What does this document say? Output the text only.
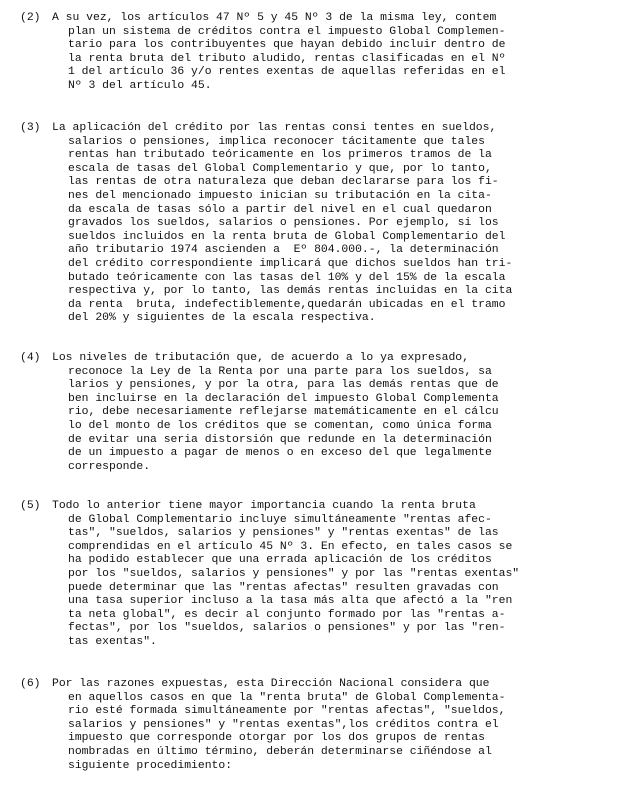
(2) A su vez, los artículos 47 Nº 5 y 45 Nº 3 de la misma ley, contem
plan un sistema de créditos contra el impuesto Global Complemen-
tario para los contribuyentes que hayan debido incluir dentro de
la renta bruta del tributo aludido, rentas clasificadas en el Nº
1 del artículo 36 y/o rentes exentas de aquellas referidas en el
Nº 3 del artículo 45.
(3) La aplicación del crédito por las rentas consi tentes en sueldos,
salarios o pensiones, implica reconocer tácitamente que tales
rentas han tributado teóricamente en los primeros tramos de la
escala de tasas del Global Complementario y que, por lo tanto,
las rentas de otra naturaleza que deban declararse para los fi-
nes del mencionado impuesto inician su tributación en la cita-
da escala de tasas sólo a partir del nivel en el cual quedaron
gravados los sueldos, salarios o pensiones. Por ejemplo, si los
sueldos incluidos en la renta bruta de Global Complementario del
año tributario 1974 ascienden a  Eº 804.000.-, la determinación
del crédito correspondiente implicará que dichos sueldos han tri-
butado teóricamente con las tasas del 10% y del 15% de la escala
respectiva y, por lo tanto, las demás rentas incluidas en la cita
da renta  bruta, indefectiblemente,quedarán ubicadas en el tramo
del 20% y siguientes de la escala respectiva.
(4) Los niveles de tributación que, de acuerdo a lo ya expresado,
reconoce la Ley de la Renta por una parte para los sueldos, sa
larios y pensiones, y por la otra, para las demás rentas que de
ben incluirse en la declaración del impuesto Global Complementa
rio, debe necesariamente reflejarse matemáticamente en el cálcu
lo del monto de los créditos que se comentan, como única forma
de evitar una seria distorsión que redunde en la determinación
de un impuesto a pagar de menos o en exceso del que legalmente
corresponde.
(5) Todo lo anterior tiene mayor importancia cuando la renta bruta
de Global Complementario incluye simultáneamente "rentas afec-
tas", "sueldos, salarios y pensiones" y "rentas exentas" de las
comprendidas en el artículo 45 Nº 3. En efecto, en tales casos se
ha podido establecer que una errada aplicación de los créditos
por los "sueldos, salarios y pensiones" y por las "rentas exentas"
puede determinar que las "rentas afectas" resulten gravadas con
una tasa superior incluso a la tasa más alta que afectó a la "ren
ta neta global", es decir al conjunto formado por las "rentas a-
fectas", por los "sueldos, salarios o pensiones" y por las "ren-
tas exentas".
(6) Por las razones expuestas, esta Dirección Nacional considera que
en aquellos casos en que la "renta bruta" de Global Complementa-
rio esté formada simultáneamente por "rentas afectas", "sueldos,
salarios y pensiones" y "rentas exentas",los créditos contra el
impuesto que corresponde otorgar por los dos grupos de rentas
nombradas en último término, deberán determinarse ciñéndose al
siguiente procedimiento:
